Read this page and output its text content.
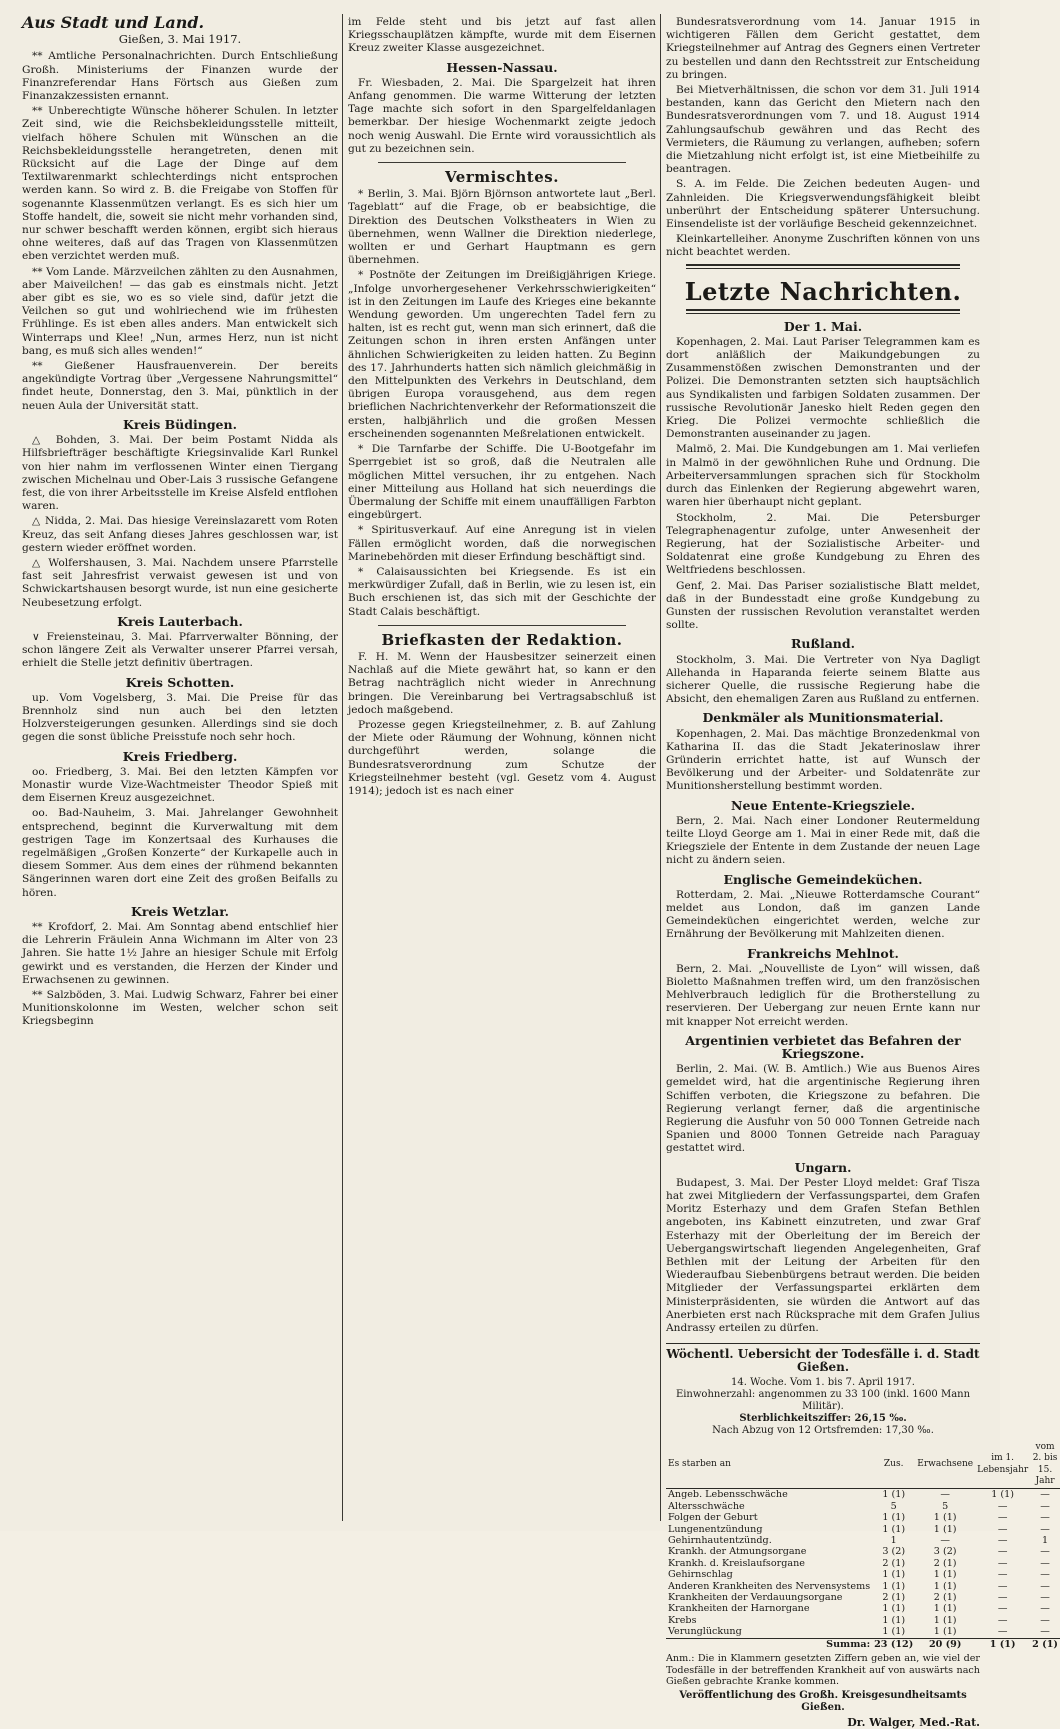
Aus Stadt und Land.
Gießen, 3. Mai 1917.

** Amtliche Personalnachrichten. Durch Entschließung Großh. Ministeriums der Finanzen wurde der Finanzreferendar Hans Förtsch aus Gießen zum Finanzakzessisten ernannt.

** Unberechtigte Wünsche höherer Schulen. In letzter Zeit sind, wie die Reichsbekleidungsstelle mitteilt, vielfach höhere Schulen mit Wünschen an die Reichsbekleidungsstelle herangetreten, denen mit Rücksicht auf die Lage der Dinge auf dem Textilwarenmarkt schlechterdings nicht entsprochen werden kann. So wird z. B. die Freigabe von Stoffen für sogenannte Klassenmützen verlangt. Es es sich hier um Stoffe handelt, die, soweit sie nicht mehr vorhanden sind, nur schwer beschafft werden können, ergibt sich hieraus ohne weiteres, daß auf das Tragen von Klassenmützen eben verzichtet werden muß.

** Vom Lande. Märzveilchen zählten zu den Ausnahmen, aber Maiveilchen! — das gab es einstmals nicht. Jetzt aber gibt es sie, wo es so viele sind, dafür jetzt die Veilchen so gut und wohlriechend wie im frühesten Frühlinge. Es ist eben alles anders. Man entwickelt sich Winterraps und Klee! „Nun, armes Herz, nun ist nicht bang, es muß sich alles wenden!“

** Gießener Hausfrauenverein. Der bereits angekündigte Vortrag über „Vergessene Nahrungsmittel“ findet heute, Donnerstag, den 3. Mai, pünktlich in der neuen Aula der Universität statt.

Kreis Büdingen.

△ Bohden, 3. Mai. Der beim Postamt Nidda als Hilfsbriefträger beschäftigte Kriegsinvalide Karl Runkel von hier nahm im verflossenen Winter einen Tiergang zwischen Michelnau und Ober-Lais 3 russische Gefangene fest, die von ihrer Arbeitsstelle im Kreise Alsfeld entflohen waren.

△ Nidda, 2. Mai. Das hiesige Vereinslazarett vom Roten Kreuz, das seit Anfang dieses Jahres geschlossen war, ist gestern wieder eröffnet worden.

△ Wolfershausen, 3. Mai. Nachdem unsere Pfarrstelle fast seit Jahresfrist verwaist gewesen ist und von Schwickartshausen besorgt wurde, ist nun eine gesicherte Neubesetzung erfolgt.

Kreis Lauterbach.

∨ Freiensteinau, 3. Mai. Pfarrverwalter Bönning, der schon längere Zeit als Verwalter unserer Pfarrei versah, erhielt die Stelle jetzt definitiv übertragen.

Kreis Schotten.

up. Vom Vogelsberg, 3. Mai. Die Preise für das Brennholz sind nun auch bei den letzten Holzversteigerungen gesunken. Allerdings sind sie doch gegen die sonst übliche Preisstufe noch sehr hoch.

Kreis Friedberg.

oo. Friedberg, 3. Mai. Bei den letzten Kämpfen vor Monastir wurde Vize-Wachtmeister Theodor Spieß mit dem Eisernen Kreuz ausgezeichnet.

oo. Bad-Nauheim, 3. Mai. Jahrelanger Gewohnheit entsprechend, beginnt die Kurverwaltung mit dem gestrigen Tage im Konzertsaal des Kurhauses die regelmäßigen „Großen Konzerte“ der Kurkapelle auch in diesem Sommer. Aus dem eines der rühmend bekannten Sängerinnen waren dort eine Zeit des großen Beifalls zu hören.

Kreis Wetzlar.

** Krofdorf, 2. Mai. Am Sonntag abend entschlief hier die Lehrerin Fräulein Anna Wichmann im Alter von 23 Jahren. Sie hatte 1½ Jahre an hiesiger Schule mit Erfolg gewirkt und es verstanden, die Herzen der Kinder und Erwachsenen zu gewinnen.

** Salzböden, 3. Mai. Ludwig Schwarz, Fahrer bei einer Munitionskolonne im Westen, welcher schon seit Kriegsbeginn

im Felde steht und bis jetzt auf fast allen Kriegsschauplätzen kämpfte, wurde mit dem Eisernen Kreuz zweiter Klasse ausgezeichnet.

Hessen-Nassau.

Fr. Wiesbaden, 2. Mai. Die Spargelzeit hat ihren Anfang genommen. Die warme Witterung der letzten Tage machte sich sofort in den Spargelfeldanlagen bemerkbar. Der hiesige Wochenmarkt zeigte jedoch noch wenig Auswahl. Die Ernte wird voraussichtlich als gut zu bezeichnen sein.

Vermischtes.

* Berlin, 3. Mai. Björn Björnson antwortete laut „Berl. Tageblatt“ auf die Frage, ob er beabsichtige, die Direktion des Deutschen Volkstheaters in Wien zu übernehmen, wenn Wallner die Direktion niederlege, wollten er und Gerhart Hauptmann es gern übernehmen.

* Postnöte der Zeitungen im Dreißigjährigen Kriege. „Infolge unvorhergesehener Verkehrsschwierigkeiten“ ist in den Zeitungen im Laufe des Krieges eine bekannte Wendung geworden. Um ungerechten Tadel fern zu halten, ist es recht gut, wenn man sich erinnert, daß die Zeitungen schon in ihren ersten Anfängen unter ähnlichen Schwierigkeiten zu leiden hatten. Zu Beginn des 17. Jahrhunderts hatten sich nämlich gleichmäßig in den Mittelpunkten des Verkehrs in Deutschland, dem übrigen Europa vorausgehend, aus dem regen brieflichen Nachrichtenverkehr der Reformationszeit die ersten, halbjährlich und die großen Messen erscheinenden sogenannten Meßrelationen entwickelt.

* Die Tarnfarbe der Schiffe. Die U-Bootgefahr im Sperrgebiet ist so groß, daß die Neutralen alle möglichen Mittel versuchen, ihr zu entgehen. Nach einer Mitteilung aus Holland hat sich neuerdings die Übermalung der Schiffe mit einem unauffälligen Farbton eingebürgert.

* Spiritusverkauf. Auf eine Anregung ist in vielen Fällen ermöglicht worden, daß die norwegischen Marinebehörden mit dieser Erfindung beschäftigt sind.

* Calaisaussichten bei Kriegsende. Es ist ein merkwürdiger Zufall, daß in Berlin, wie zu lesen ist, ein Buch erschienen ist, das sich mit der Geschichte der Stadt Calais beschäftigt.

Briefkasten der Redaktion.

F. H. M. Wenn der Hausbesitzer seinerzeit einen Nachlaß auf die Miete gewährt hat, so kann er den Betrag nachträglich nicht wieder in Anrechnung bringen. Die Vereinbarung bei Vertragsabschluß ist jedoch maßgebend.

Prozesse gegen Kriegsteilnehmer, z. B. auf Zahlung der Miete oder Räumung der Wohnung, können nicht durchgeführt werden, solange die Bundesratsverordnung zum Schutze der Kriegsteilnehmer besteht (vgl. Gesetz vom 4. August 1914); jedoch ist es nach einer

Bundesratsverordnung vom 14. Januar 1915 in wichtigeren Fällen dem Gericht gestattet, dem Kriegsteilnehmer auf Antrag des Gegners einen Vertreter zu bestellen und dann den Rechtsstreit zur Entscheidung zu bringen.

Bei Mietverhältnissen, die schon vor dem 31. Juli 1914 bestanden, kann das Gericht den Mietern nach den Bundesratsverordnungen vom 7. und 18. August 1914 Zahlungsaufschub gewähren und das Recht des Vermieters, die Räumung zu verlangen, aufheben; sofern die Mietzahlung nicht erfolgt ist, ist eine Mietbeihilfe zu beantragen.

S. A. im Felde. Die Zeichen bedeuten Augen- und Zahnleiden. Die Kriegsverwendungsfähigkeit bleibt unberührt der Entscheidung späterer Untersuchung. Einsendeliste ist der vorläufige Bescheid gekennzeichnet.

Kleinkartelleiher. Anonyme Zuschriften können von uns nicht beachtet werden.

Letzte Nachrichten.
Der 1. Mai.

Kopenhagen, 2. Mai. Laut Pariser Telegrammen kam es dort anläßlich der Maikundgebungen zu Zusammenstößen zwischen Demonstranten und der Polizei. Die Demonstranten setzten sich hauptsächlich aus Syndikalisten und farbigen Soldaten zusammen. Der russische Revolutionär Janesko hielt Reden gegen den Krieg. Die Polizei vermochte schließlich die Demonstranten auseinander zu jagen.

Malmö, 2. Mai. Die Kundgebungen am 1. Mai verliefen in Malmö in der gewöhnlichen Ruhe und Ordnung. Die Arbeiterversammlungen sprachen sich für Stockholm durch das Einlenken der Regierung abgewehrt waren, waren hier überhaupt nicht geplant.

Stockholm, 2. Mai. Die Petersburger Telegraphenagentur zufolge, unter Anwesenheit der Regierung, hat der Sozialistische Arbeiter- und Soldatenrat eine große Kundgebung zu Ehren des Weltfriedens beschlossen.

Genf, 2. Mai. Das Pariser sozialistische Blatt meldet, daß in der Bundesstadt eine große Kundgebung zu Gunsten der russischen Revolution veranstaltet werden sollte.

Rußland.

Stockholm, 3. Mai. Die Vertreter von Nya Dagligt Allehanda in Haparanda feierte seinem Blatte aus sicherer Quelle, die russische Regierung habe die Absicht, den ehemaligen Zaren aus Rußland zu entfernen.

Denkmäler als Munitionsmaterial.

Kopenhagen, 2. Mai. Das mächtige Bronzedenkmal von Katharina II. das die Stadt Jekaterinoslaw ihrer Gründerin errichtet hatte, ist auf Wunsch der Bevölkerung und der Arbeiter- und Soldatenräte zur Munitionsherstellung bestimmt worden.

Neue Entente-Kriegsziele.

Bern, 2. Mai. Nach einer Londoner Reutermeldung teilte Lloyd George am 1. Mai in einer Rede mit, daß die Kriegsziele der Entente in dem Zustande der neuen Lage nicht zu ändern seien.

Englische Gemeindeküchen.

Rotterdam, 2. Mai. „Nieuwe Rotterdamsche Courant“ meldet aus London, daß im ganzen Lande Gemeindeküchen eingerichtet werden, welche zur Ernährung der Bevölkerung mit Mahlzeiten dienen.

Frankreichs Mehlnot.

Bern, 2. Mai. „Nouvelliste de Lyon“ will wissen, daß Bioletto Maßnahmen treffen wird, um den französischen Mehlverbrauch lediglich für die Brotherstellung zu reservieren. Der Uebergang zur neuen Ernte kann nur mit knapper Not erreicht werden.

Argentinien verbietet das Befahren der Kriegszone.

Berlin, 2. Mai. (W. B. Amtlich.) Wie aus Buenos Aires gemeldet wird, hat die argentinische Regierung ihren Schiffen verboten, die Kriegszone zu befahren. Die Regierung verlangt ferner, daß die argentinische Regierung die Ausfuhr von 50 000 Tonnen Getreide nach Spanien und 8000 Tonnen Getreide nach Paraguay gestattet wird.

Ungarn.

Budapest, 3. Mai. Der Pester Lloyd meldet: Graf Tisza hat zwei Mitgliedern der Verfassungspartei, dem Grafen Moritz Esterhazy und dem Grafen Stefan Bethlen angeboten, ins Kabinett einzutreten, und zwar Graf Esterhazy mit der Oberleitung der im Bereich der Uebergangswirtschaft liegenden Angelegenheiten, Graf Bethlen mit der Leitung der Arbeiten für den Wiederaufbau Siebenbürgens betraut werden. Die beiden Mitglieder der Verfassungspartei erklärten dem Ministerpräsidenten, sie würden die Antwort auf das Anerbieten erst nach Rücksprache mit dem Grafen Julius Andrassy erteilen zu dürfen.

Wöchentl. Uebersicht der Todesfälle i. d. Stadt Gießen.
14. Woche. Vom 1. bis 7. April 1917.
Einwohnerzahl: angenommen zu 33 100 (inkl. 1600 Mann Militär).
Sterblichkeitsziffer: 26,15 ‰.
Nach Abzug von 12 Ortsfremden: 17,30 ‰.
Es starben an	Zus.	Erwachsene	im 1. Lebensjahr	vom 2. bis 15. Jahr
Angeb. Lebensschwäche	1 (1)	—	1 (1)	—
Altersschwäche	5	5	—	—
Folgen der Geburt	1 (1)	1 (1)	—	—
Lungenentzündung	1 (1)	1 (1)	—	—
Gehirnhautentzündg.	1	—	—	1
Krankh. der Atmungsorgane	3 (2)	3 (2)	—	—
Krankh. d. Kreislaufsorgane	2 (1)	2 (1)	—	—
Gehirnschlag	1 (1)	1 (1)	—	—
Anderen Krankheiten des Nervensystems	1 (1)	1 (1)	—	—
Krankheiten der Verdauungsorgane	2 (1)	2 (1)	—	—
Krankheiten der Harnorgane	1 (1)	1 (1)	—	—
Krebs	1 (1)	1 (1)	—	—
Verunglückung	1 (1)	1 (1)	—	—
Summa:	23 (12)	20 (9)	1 (1)	2 (1)
Anm.: Die in Klammern gesetzten Ziffern geben an, wie viel der Todesfälle in der betreffenden Krankheit auf von auswärts nach Gießen gebrachte Kranke kommen.
Veröffentlichung des Großh. Kreisgesundheitsamts Gießen.
Dr. Walger, Med.-Rat.
